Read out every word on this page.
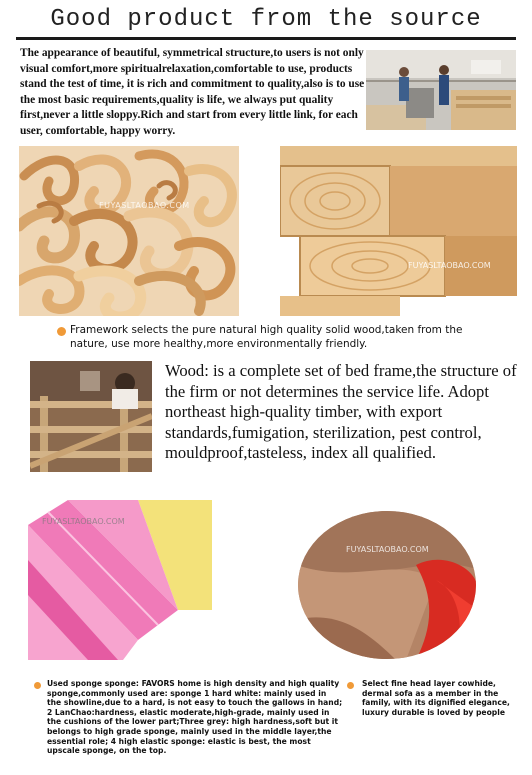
Good product from the source
The appearance of beautiful, symmetrical structure,to users is not only visual comfort,more spiritualrelaxation,comfortable to use, products stand the test of time, it is rich and commitment to quality,also is to use the most basic requirements,quality is life, we always put quality first,never a little sloppy.Rich and start from every little link, for each user, comfortable, happy worry.
FUYASLTAOBAO.COM
FUYASLTAOBAO.COM
Framework selects the pure natural high quality solid wood,taken from the nature, use more healthy,more environmentally friendly.
Wood: is a complete set of bed frame,the structure of the firm or not determines the service life. Adopt northeast high-quality timber, with export standards,fumigation, sterilization, pest control, mouldproof,tasteless, index all qualified.
FUYASLTAOBAO.COM
FUYASLTAOBAO.COM
Used sponge sponge: FAVORS home is high density and high quality sponge,commonly used are: sponge 1 hard white: mainly used in the showline,due to a hard, is not easy to touch the gallows in hand; 2 LanChao:hardness, elastic moderate,high-grade, mainly used in the cushions of the lower part;Three grey: high hardness,soft but it belongs to high grade sponge, mainly used in the middle layer,the essential role; 4 high elastic sponge: elastic is best, the most upscale sponge, on the top.
Select fine head layer cowhide, dermal sofa as a member in the family, with its dignified elegance, luxury durable is loved by people
